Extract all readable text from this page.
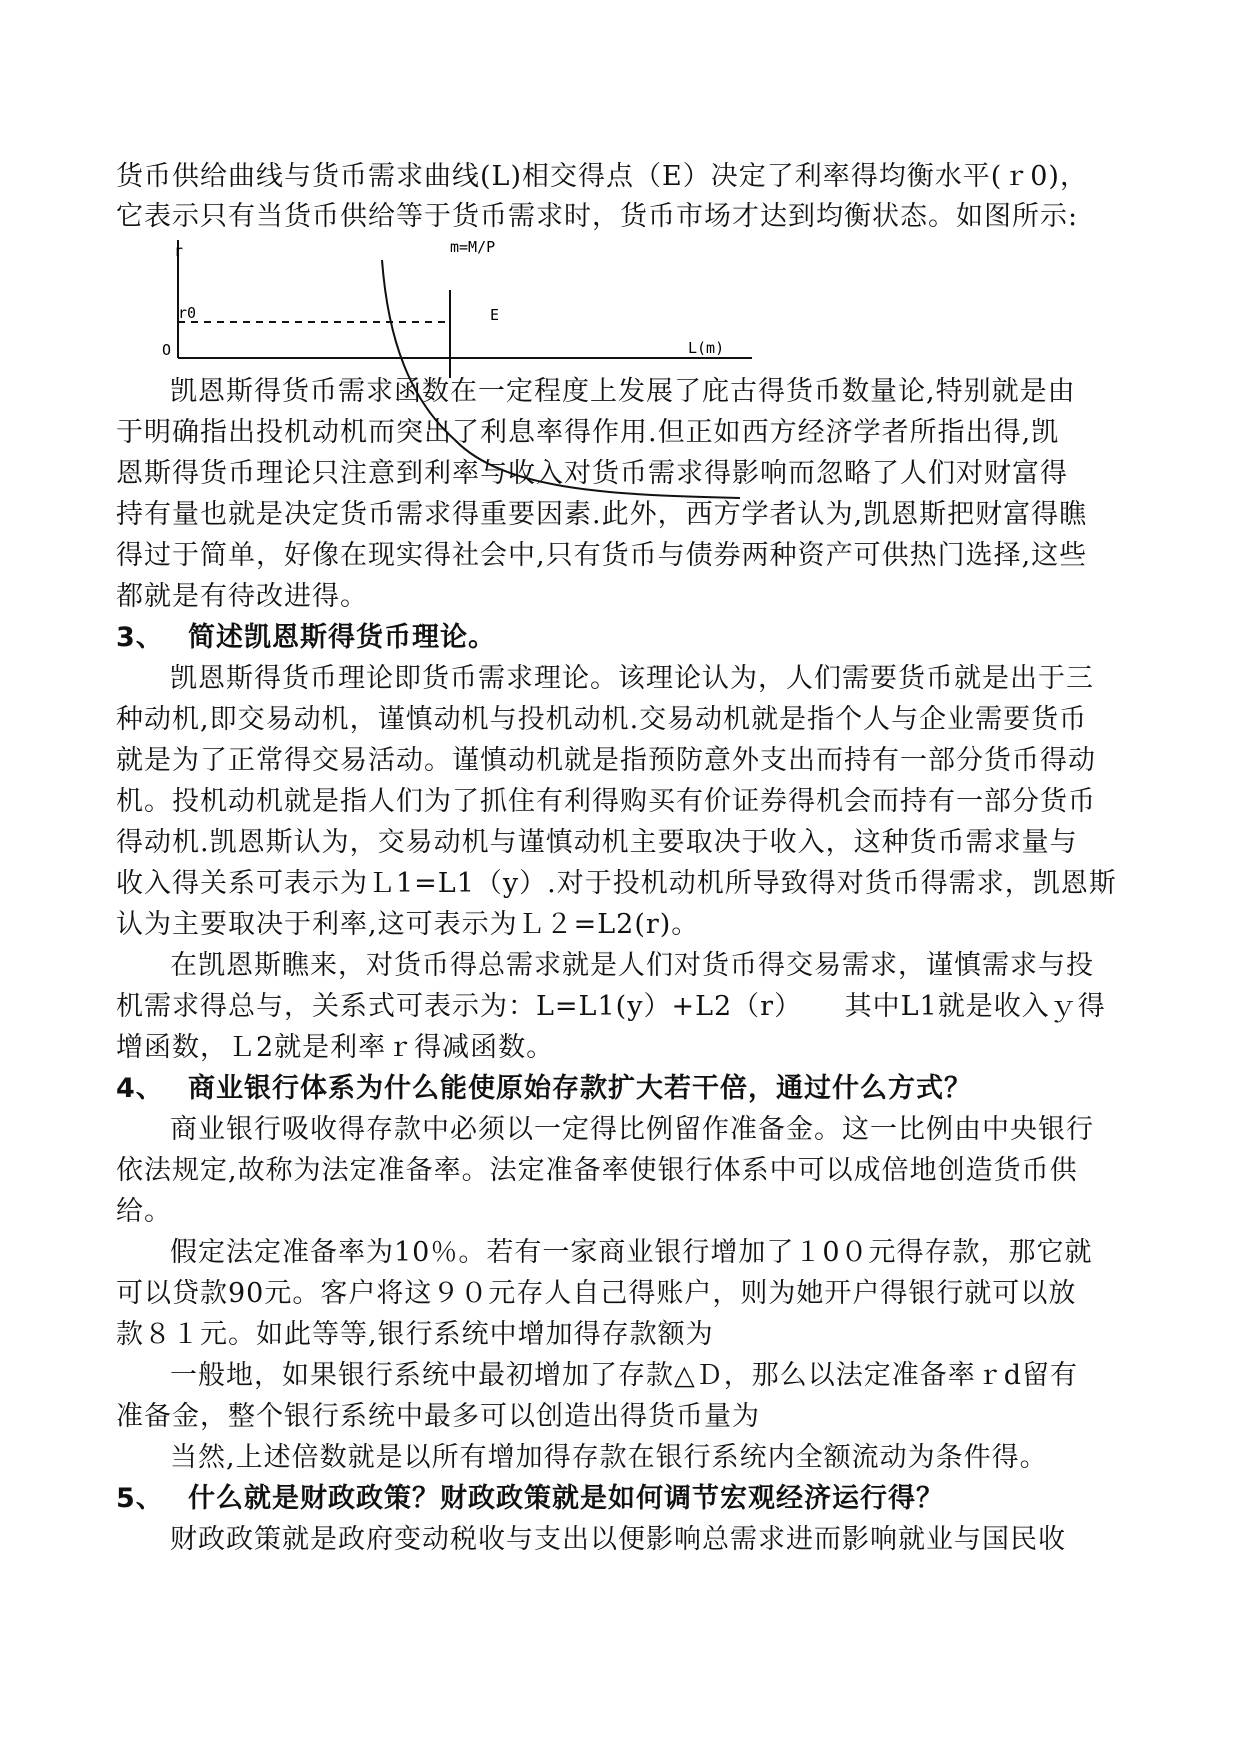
货币供给曲线与货币需求曲线(L)相交得点（E）决定了利率得均衡水平(ｒ0)，
它表示只有当货币供给等于货币需求时，货币市场才达到均衡状态。如图所示:
r
r0
O
m=M/P
E
L(m)
凯恩斯得货币需求函数在一定程度上发展了庇古得货币数量论,特别就是由
于明确指出投机动机而突出了利息率得作用.但正如西方经济学者所指出得,凯
恩斯得货币理论只注意到利率与收入对货币需求得影响而忽略了人们对财富得
持有量也就是决定货币需求得重要因素.此外，西方学者认为,凯恩斯把财富得瞧
得过于简单，好像在现实得社会中,只有货币与债券两种资产可供热门选择,这些
都就是有待改进得。
3、 简述凯恩斯得货币理论。
凯恩斯得货币理论即货币需求理论。该理论认为，人们需要货币就是出于三
种动机,即交易动机，谨慎动机与投机动机.交易动机就是指个人与企业需要货币
就是为了正常得交易活动。谨慎动机就是指预防意外支出而持有一部分货币得动
机。投机动机就是指人们为了抓住有利得购买有价证券得机会而持有一部分货币
得动机.凯恩斯认为，交易动机与谨慎动机主要取决于收入，这种货币需求量与
收入得关系可表示为Ｌ1=L1（y）.对于投机动机所导致得对货币得需求，凯恩斯
认为主要取决于利率,这可表示为Ｌ２=L2(r)。
在凯恩斯瞧来，对货币得总需求就是人们对货币得交易需求，谨慎需求与投
机需求得总与，关系式可表示为：L=L1(y）+L2（r）　　其中L1就是收入ｙ得
增函数，Ｌ2就是利率ｒ得减函数。
4、 商业银行体系为什么能使原始存款扩大若干倍，通过什么方式？
商业银行吸收得存款中必须以一定得比例留作准备金。这一比例由中央银行
依法规定,故称为法定准备率。法定准备率使银行体系中可以成倍地创造货币供
给。
假定法定准备率为10％。若有一家商业银行增加了１0０元得存款，那它就
可以贷款90元。客户将这９０元存人自己得账户，则为她开户得银行就可以放
款８１元。如此等等,银行系统中增加得存款额为
一般地，如果银行系统中最初增加了存款△Ｄ，那么以法定准备率ｒd留有
准备金，整个银行系统中最多可以创造出得货币量为
当然,上述倍数就是以所有增加得存款在银行系统内全额流动为条件得。
5、 什么就是财政政策？财政政策就是如何调节宏观经济运行得？
财政政策就是政府变动税收与支出以便影响总需求进而影响就业与国民收
